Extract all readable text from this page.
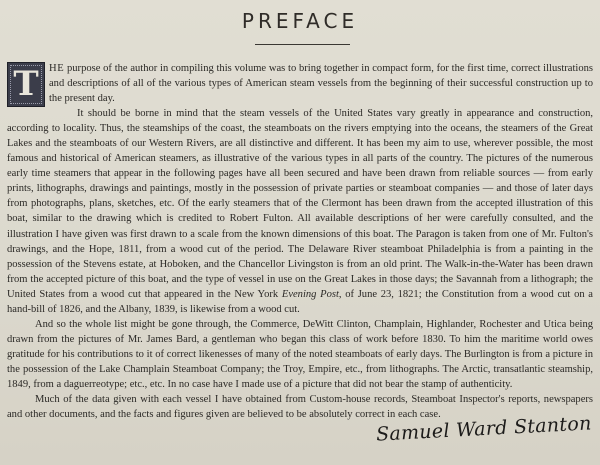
PREFACE

T HE purpose of the author in compiling this volume was to bring together in compact form, for the first time, correct illustrations and descriptions of all of the various types of American steam vessels from the beginning of their successful construction up to the present day.

It should be borne in mind that the steam vessels of the United States vary greatly in appearance and construction, according to locality. Thus, the steamships of the coast, the steamboats on the rivers emptying into the oceans, the steamers of the Great Lakes and the steamboats of our Western Rivers, are all distinctive and different. It has been my aim to use, wherever possible, the most famous and historical of American steamers, as illustrative of the various types in all parts of the country. The pictures of the numerous early time steamers that appear in the following pages have all been secured and have been drawn from reliable sources — from early prints, lithographs, drawings and paintings, mostly in the possession of private parties or steamboat companies — and those of later days from photographs, plans, sketches, etc. Of the early steamers that of the Clermont has been drawn from the accepted illustration of this boat, similar to the drawing which is credited to Robert Fulton. All available descriptions of her were carefully consulted, and the illustration I have given was first drawn to a scale from the known dimensions of this boat. The Paragon is taken from one of Mr. Fulton's drawings, and the Hope, 1811, from a wood cut of the period. The Delaware River steamboat Philadelphia is from a painting in the possession of the Stevens estate, at Hoboken, and the Chancellor Livingston is from an old print. The Walk-in-the-Water has been drawn from the accepted picture of this boat, and the type of vessel in use on the Great Lakes in those days; the Savannah from a lithograph; the United States from a wood cut that appeared in the New York Evening Post, of June 23, 1821; the Constitution from a wood cut on a hand-bill of 1826, and the Albany, 1839, is likewise from a wood cut.

And so the whole list might be gone through, the Commerce, DeWitt Clinton, Champlain, Highlander, Rochester and Utica being drawn from the pictures of Mr. James Bard, a gentleman who began this class of work before 1830. To him the maritime world owes gratitude for his contributions to it of correct likenesses of many of the noted steamboats of early days. The Burlington is from a picture in the possession of the Lake Champlain Steamboat Company; the Troy, Empire, etc., from lithographs. The Arctic, transatlantic steamship, 1849, from a daguerreotype; etc., etc. In no case have I made use of a picture that did not bear the stamp of authenticity.

Much of the data given with each vessel I have obtained from Custom-house records, Steamboat Inspector's reports, newspapers and other documents, and the facts and figures given are believed to be absolutely correct in each case.

Samuel Ward Stanton
